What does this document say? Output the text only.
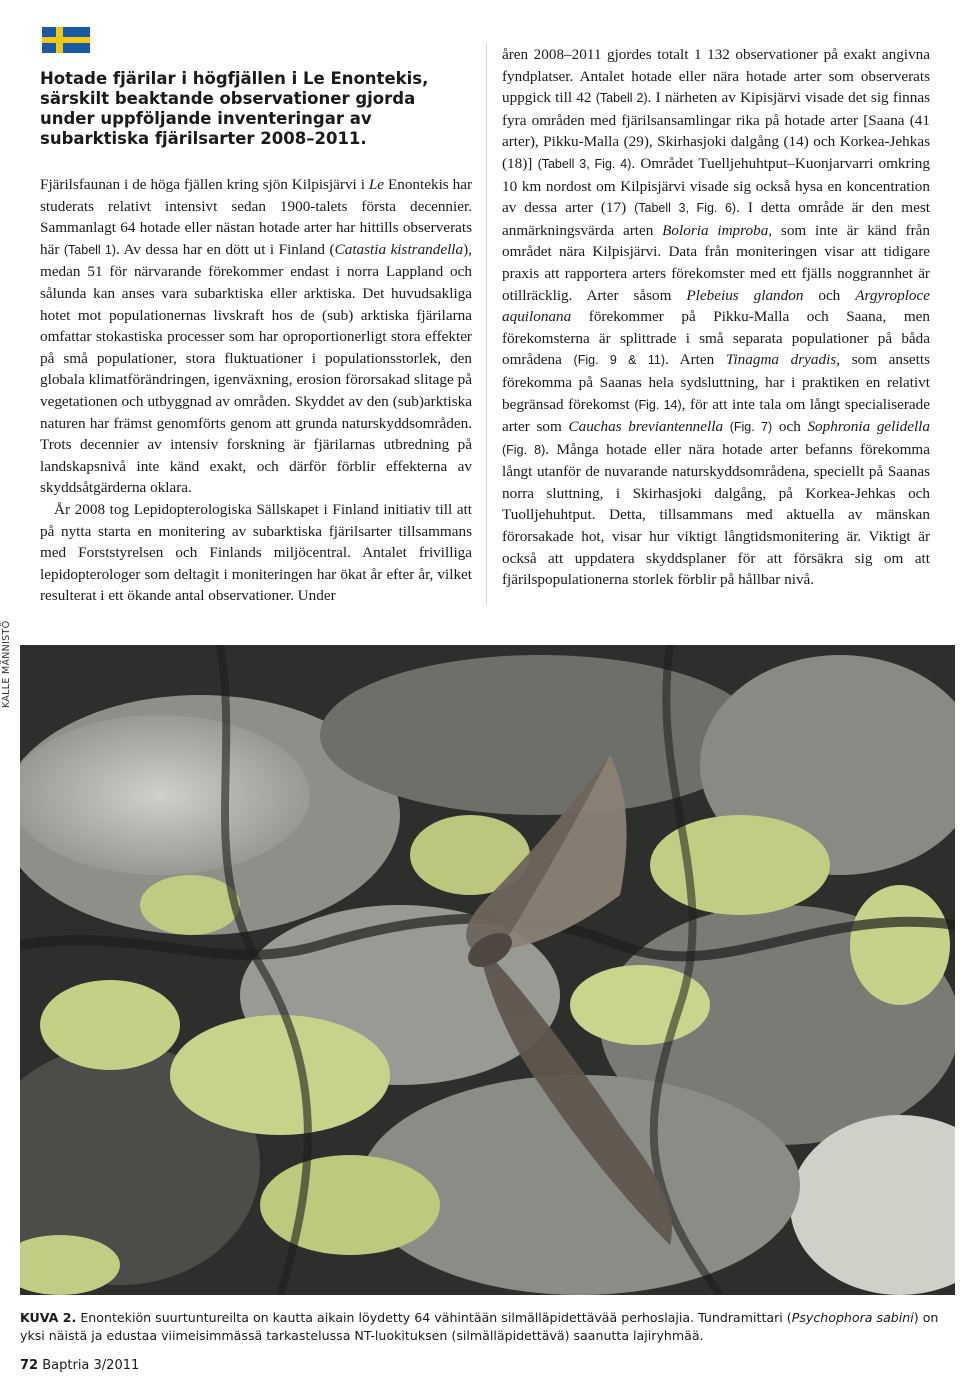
Hotade fjärilar i högfjällen i Le Enontekis, särskilt beaktande observationer gjorda under uppföljande inventeringar av subarktiska fjärilsarter 2008–2011.

Fjärilsfaunan i de höga fjällen kring sjön Kilpisjärvi i Le Enontekis har studerats relativt intensivt sedan 1900-talets första decennier. Sammanlagt 64 hotade eller nästan hotade arter har hittills observerats här (Tabell 1). Av dessa har en dött ut i Finland (Catastia kistrandella), medan 51 för närvarande förekommer endast i norra Lappland och sålunda kan anses vara subarktiska eller arktiska. Det huvudsakliga hotet mot populationernas livskraft hos de (sub) arktiska fjärilarna omfattar stokastiska processer som har oproportionerligt stora effekter på små populationer, stora fluktuationer i populationsstorlek, den globala klimatförändringen, igenväxning, erosion förorsakad slitage på vegetationen och utbyggnad av områden. Skyddet av den (sub)arktiska naturen har främst genomförts genom att grunda naturskyddsområden. Trots decennier av intensiv forskning är fjärilarnas utbredning på landskapsnivå inte känd exakt, och därför förblir effekterna av skyddsåtgärderna oklara.

År 2008 tog Lepidopterologiska Sällskapet i Finland initiativ till att på nytta starta en monitering av subarktiska fjärilsarter tillsammans med Forststyrelsen och Finlands miljöcentral. Antalet frivilliga lepidopterologer som deltagit i moniteringen har ökat år efter år, vilket resulterat i ett ökande antal observationer. Under

åren 2008–2011 gjordes totalt 1 132 observationer på exakt angivna fyndplatser. Antalet hotade eller nära hotade arter som observerats uppgick till 42 (Tabell 2). I närheten av Kipisjärvi visade det sig finnas fyra områden med fjärilsansamlingar rika på hotade arter [Saana (41 arter), Pikku-Malla (29), Skirhasjoki dalgång (14) och Korkea-Jehkas (18)] (Tabell 3, Fig. 4). Området Tuelljehuhtput–Kuonjarvarri omkring 10 km nordost om Kilpisjärvi visade sig också hysa en koncentration av dessa arter (17) (Tabell 3, Fig. 6). I detta område är den mest anmärkningsvärda arten Boloria improba, som inte är känd från området nära Kilpisjärvi. Data från moniteringen visar att tidigare praxis att rapportera arters förekomster med ett fjälls noggrannhet är otillräcklig. Arter såsom Plebeius glandon och Argyroploce aquilonana förekommer på Pikku-Malla och Saana, men förekomsterna är splittrade i små separata populationer på båda områdena (Fig. 9 & 11). Arten Tinagma dryadis, som ansetts förekomma på Saanas hela sydsluttning, har i praktiken en relativt begränsad förekomst (Fig. 14), för att inte tala om långt specialiserade arter som Cauchas breviantennella (Fig. 7) och Sophronia gelidella (Fig. 8). Många hotade eller nära hotade arter befanns förekomma långt utanför de nuvarande naturskyddsområdena, speciellt på Saanas norra sluttning, i Skirhasjoki dalgång, på Korkea-Jehkas och Tuolljehuhtput. Detta, tillsammans med aktuella av mänskan förorsakade hot, visar hur viktigt långtidsmonitering är. Viktigt är också att uppdatera skyddsplaner för att försäkra sig om att fjärilspopulationerna storlek förblir på hållbar nivå.

KALLE MÄNNISTÖ

KUVA 2. Enontekiön suurtuntureilta on kautta aikain löydetty 64 vähintään silmälläpidettävää perhoslajia. Tundramittari (Psychophora sabini) on yksi näistä ja edustaa viimeisimmässä tarkastelussa NT-luokituksen (silmälläpidettävä) saanutta lajiryhmää.

72 Baptria 3/2011
